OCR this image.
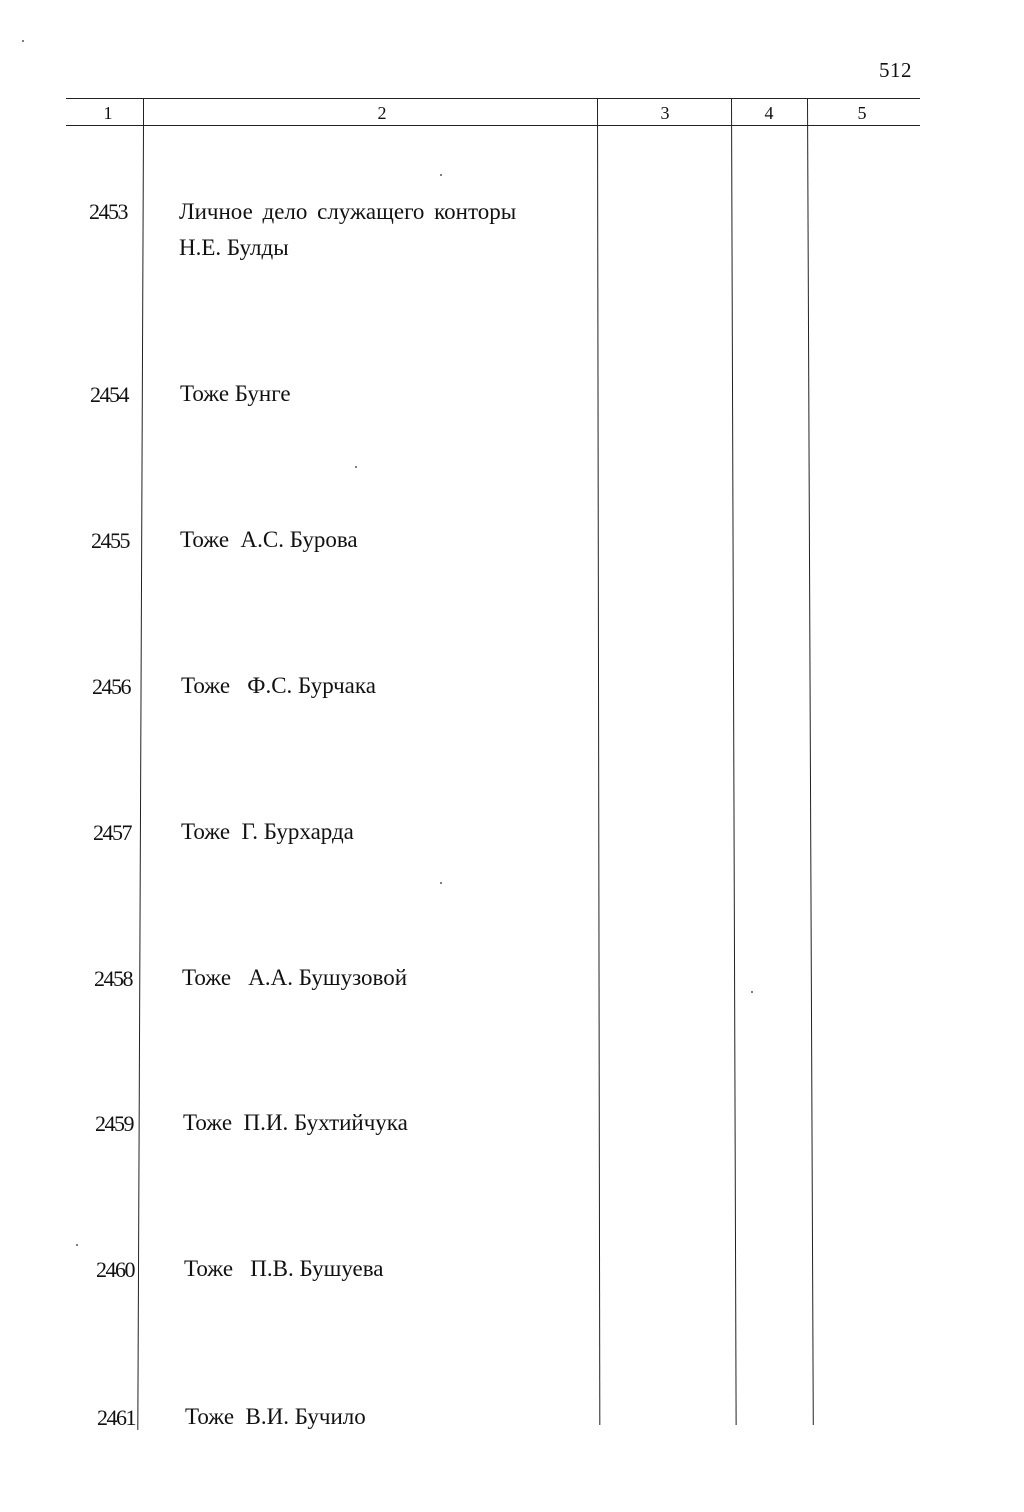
512
1	2	3	4	5
2453 Личное дело служащего конторы
Н.Е. Булды
2454 Тоже Бунге
2455 Тоже  А.С. Бурова
2456 Тоже   Ф.С. Бурчака
2457 Тоже  Г. Бурхарда
2458 Тоже   А.А. Бушузовой
2459 Тоже  П.И. Бухтийчука
2460 Тоже   П.В. Бушуева
2461 Тоже  В.И. Бучило
